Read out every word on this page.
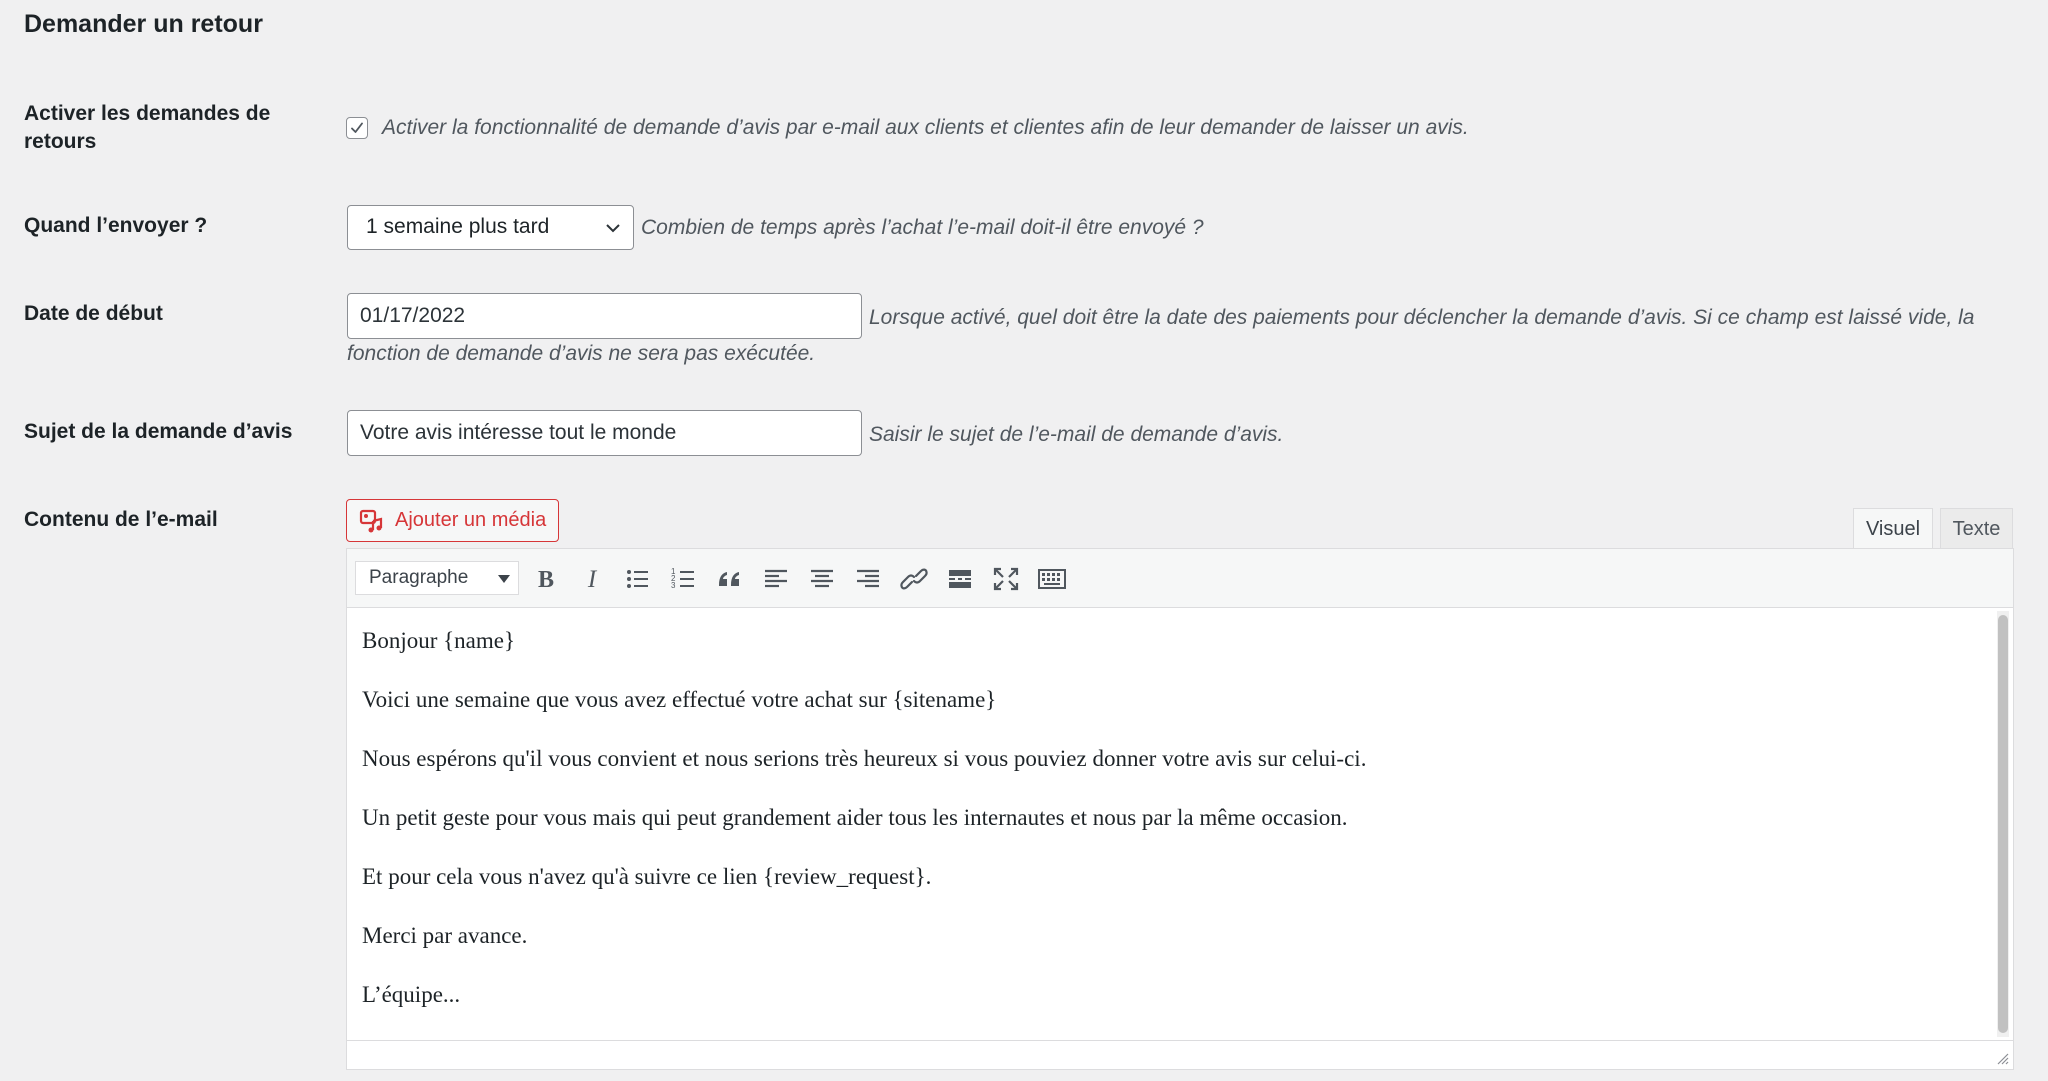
Demander un retour
Activer les demandes de retours
Activer la fonctionnalité de demande d’avis par e-mail aux clients et clientes afin de leur demander de laisser un avis.
Quand l’envoyer ?	1 semaine plus tard	Combien de temps après l’achat l’e-mail doit-il être envoyé ?
Date de début	01/17/2022	Lorsque activé, quel doit être la date des paiements pour déclencher la demande d’avis. Si ce champ est laissé vide, la fonction de demande d’avis ne sera pas exécutée.
Sujet de la demande d’avis	Votre avis intéresse tout le monde	Saisir le sujet de l’e-mail de demande d’avis.
Contenu de l’e-mail	Ajouter un média	Visuel	Texte
Paragraphe	B I	1
2
3

Bonjour {name}

Voici une semaine que vous avez effectué votre achat sur {sitename}

Nous espérons qu'il vous convient et nous serions très heureux si vous pouviez donner votre avis sur celui-ci.

Un petit geste pour vous mais qui peut grandement aider tous les internautes et nous par la même occasion.

Et pour cela vous n'avez qu'à suivre ce lien {review_request}.

Merci par avance.

L’équipe...
